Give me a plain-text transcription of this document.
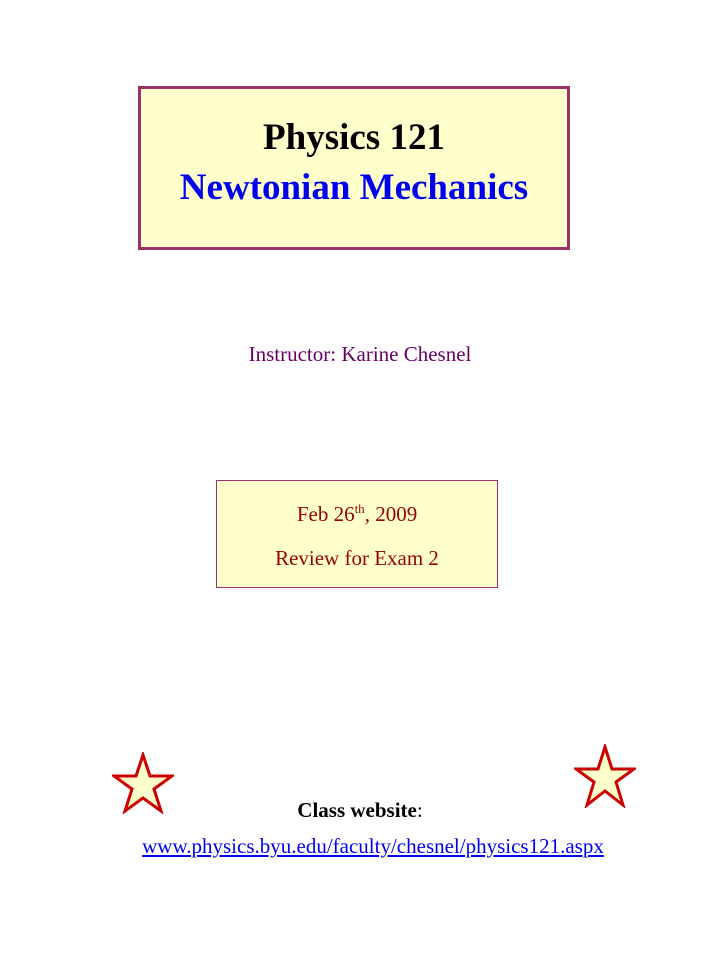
Physics 121
Newtonian Mechanics
Instructor: Karine Chesnel
Feb 26th, 2009
Review for Exam 2
Class website:
www.physics.byu.edu/faculty/chesnel/physics121.aspx
